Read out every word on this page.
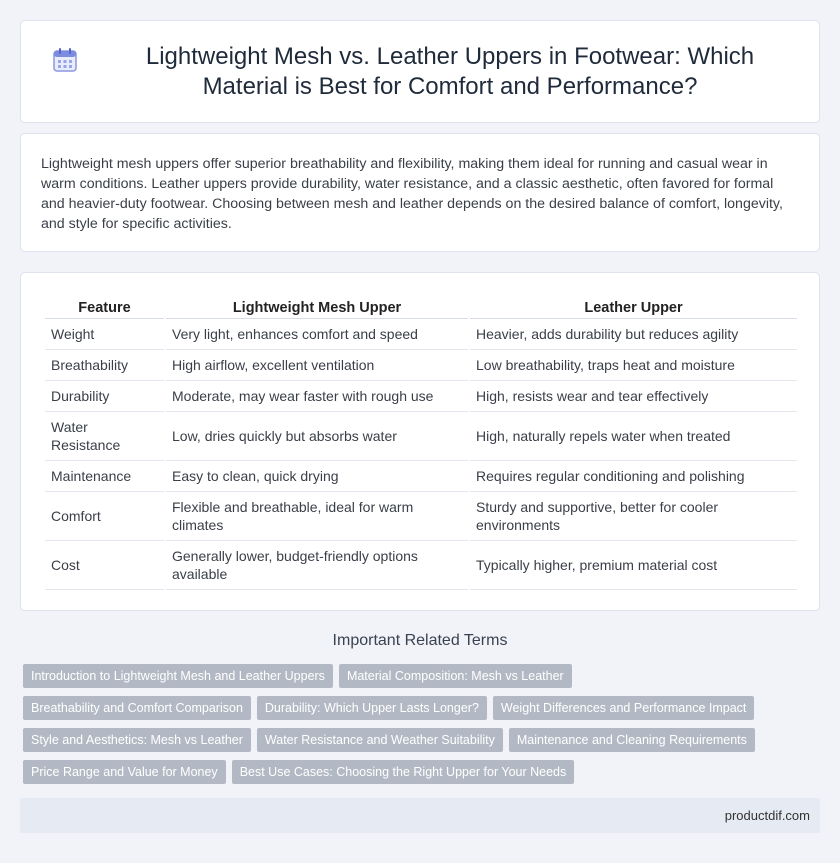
Lightweight Mesh vs. Leather Uppers in Footwear: Which Material is Best for Comfort and Performance?

Lightweight mesh uppers offer superior breathability and flexibility, making them ideal for running and casual wear in warm conditions. Leather uppers provide durability, water resistance, and a classic aesthetic, often favored for formal and heavier-duty footwear. Choosing between mesh and leather depends on the desired balance of comfort, longevity, and style for specific activities.

Feature	Lightweight Mesh Upper	Leather Upper
Weight	Very light, enhances comfort and speed	Heavier, adds durability but reduces agility
Breathability	High airflow, excellent ventilation	Low breathability, traps heat and moisture
Durability	Moderate, may wear faster with rough use	High, resists wear and tear effectively
Water Resistance	Low, dries quickly but absorbs water	High, naturally repels water when treated
Maintenance	Easy to clean, quick drying	Requires regular conditioning and polishing
Comfort	Flexible and breathable, ideal for warm climates	Sturdy and supportive, better for cooler environments
Cost	Generally lower, budget-friendly options available	Typically higher, premium material cost
Important Related Terms
Introduction to Lightweight Mesh and Leather Uppers	Material Composition: Mesh vs Leather
Breathability and Comfort Comparison	Durability: Which Upper Lasts Longer?	Weight Differences and Performance Impact
Style and Aesthetics: Mesh vs Leather	Water Resistance and Weather Suitability	Maintenance and Cleaning Requirements
Price Range and Value for Money	Best Use Cases: Choosing the Right Upper for Your Needs
productdif.com
